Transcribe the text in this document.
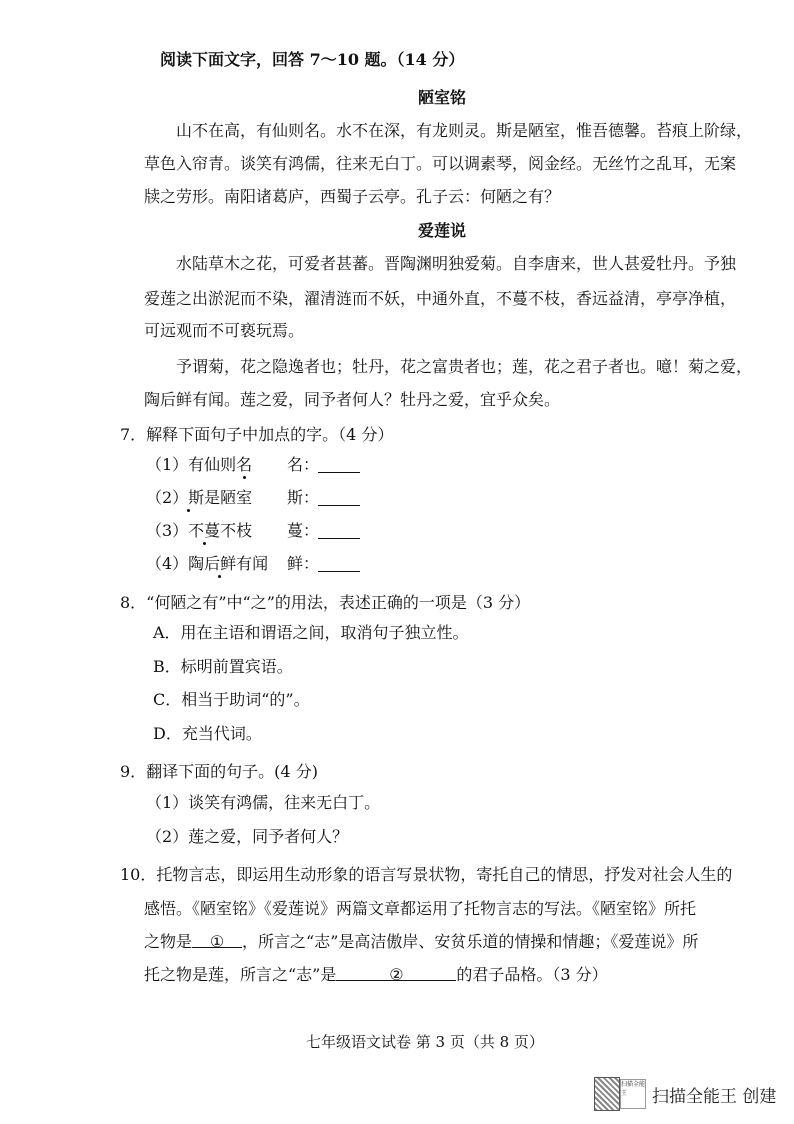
阅读下面文字，回答 7～10 题。（14 分）
陋室铭
山不在高，有仙则名。水不在深，有龙则灵。斯是陋室，惟吾德馨。苔痕上阶绿，
草色入帘青。谈笑有鸿儒，往来无白丁。可以调素琴，阅金经。无丝竹之乱耳，无案
牍之劳形。南阳诸葛庐，西蜀子云亭。孔子云：何陋之有？
爱莲说
水陆草木之花，可爱者甚蕃。晋陶渊明独爱菊。自李唐来，世人甚爱牡丹。予独
爱莲之出淤泥而不染，濯清涟而不妖，中通外直，不蔓不枝，香远益清，亭亭净植，
可远观而不可亵玩焉。
予谓菊，花之隐逸者也；牡丹，花之富贵者也；莲，花之君子者也。噫！菊之爱，
陶后鲜有闻。莲之爱，同予者何人？牡丹之爱，宜乎众矣。
7．解释下面句子中加点的字。（4 分）
（1）有仙则名 名：
（2）斯是陋室 斯：
（3）不蔓不枝 蔓：
（4）陶后鲜有闻 鲜：
8．“何陋之有”中“之”的用法，表述正确的一项是（3 分）
A．用在主语和谓语之间，取消句子独立性。
B．标明前置宾语。
C．相当于助词“的”。
D．充当代词。
9．翻译下面的句子。(4 分)
（1）谈笑有鸿儒，往来无白丁。
（2）莲之爱，同予者何人？
10．托物言志，即运用生动形象的语言写景状物，寄托自己的情思，抒发对社会人生的
感悟。《陋室铭》《爱莲说》两篇文章都运用了托物言志的写法。《陋室铭》所托
之物是 ① ，所言之“志”是高洁傲岸、安贫乐道的情操和情趣；《爱莲说》所
托之物是莲，所言之“志”是	②	的君子品格。（3 分）
七年级语文试卷 第 3 页（共 8 页）
扫描全能王	扫描全能王 创建
